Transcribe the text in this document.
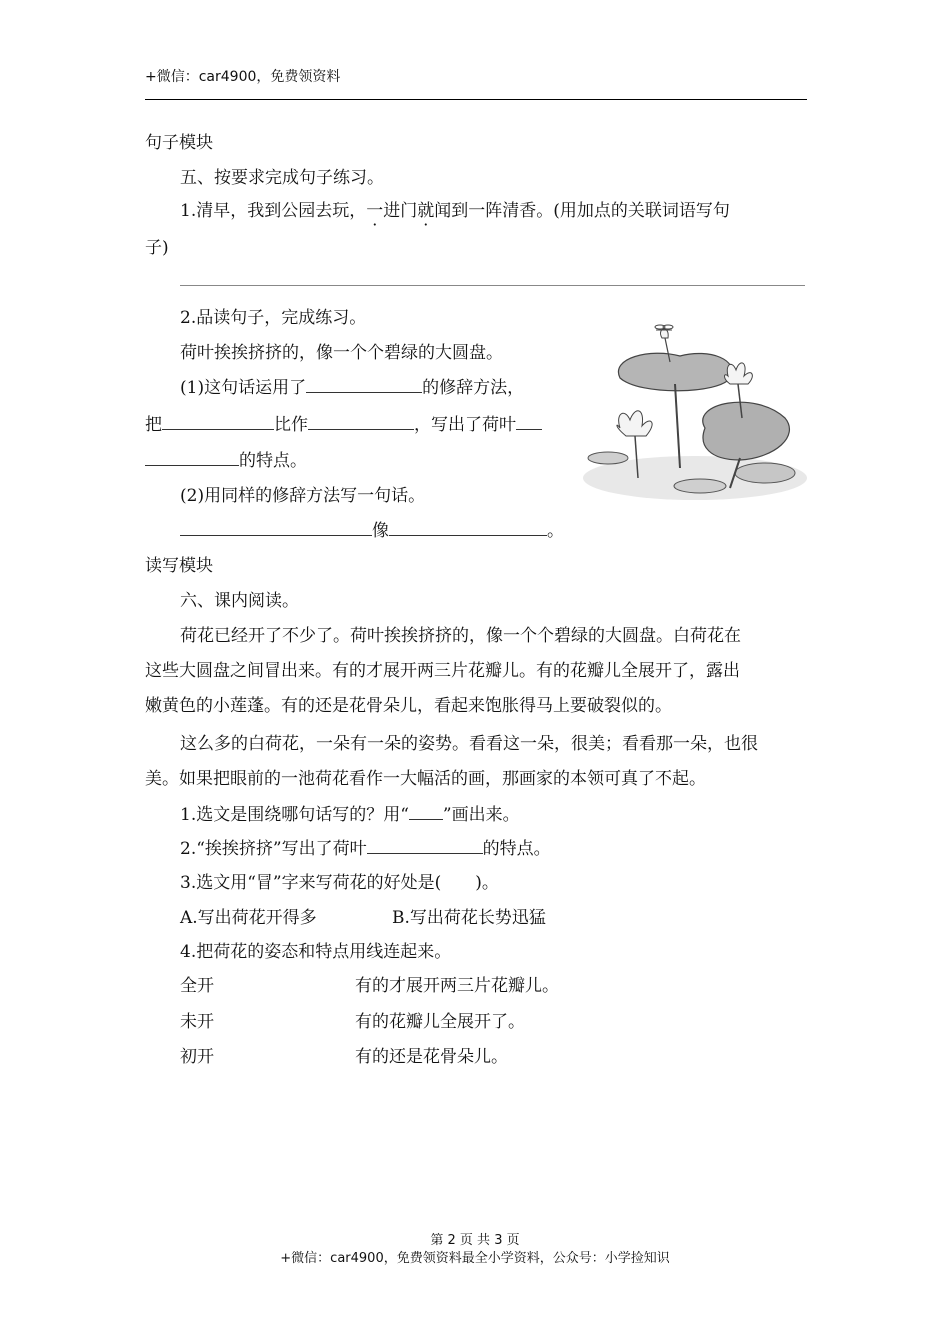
+微信：car4900，免费领资料
句子模块
五、按要求完成句子练习。
1.清早，我到公园去玩，一进门就闻到一阵清香。(用加点的关联词语写句
子)
2.品读句子，完成练习。
荷叶挨挨挤挤的，像一个个碧绿的大圆盘。
(1)这句话运用了	的修辞方法，
把	比作	，写出了荷叶
的特点。
(2)用同样的修辞方法写一句话。
像	。
读写模块
六、课内阅读。
荷花已经开了不少了。荷叶挨挨挤挤的，像一个个碧绿的大圆盘。白荷花在
这些大圆盘之间冒出来。有的才展开两三片花瓣儿。有的花瓣儿全展开了，露出
嫩黄色的小莲蓬。有的还是花骨朵儿，看起来饱胀得马上要破裂似的。
这么多的白荷花，一朵有一朵的姿势。看看这一朵，很美；看看那一朵，也很
美。如果把眼前的一池荷花看作一大幅活的画，那画家的本领可真了不起。
1.选文是围绕哪句话写的？用“ ”画出来。
2.“挨挨挤挤”写出了荷叶	的特点。
3.选文用“冒”字来写荷花的好处是(　　)。
A.写出荷花开得多	B.写出荷花长势迅猛
4.把荷花的姿态和特点用线连起来。
全开	有的才展开两三片花瓣儿。
未开	有的花瓣儿全展开了。
初开	有的还是花骨朵儿。
第 2 页 共 3 页
+微信：car4900，免费领资料最全小学资料，公众号：小学捡知识
